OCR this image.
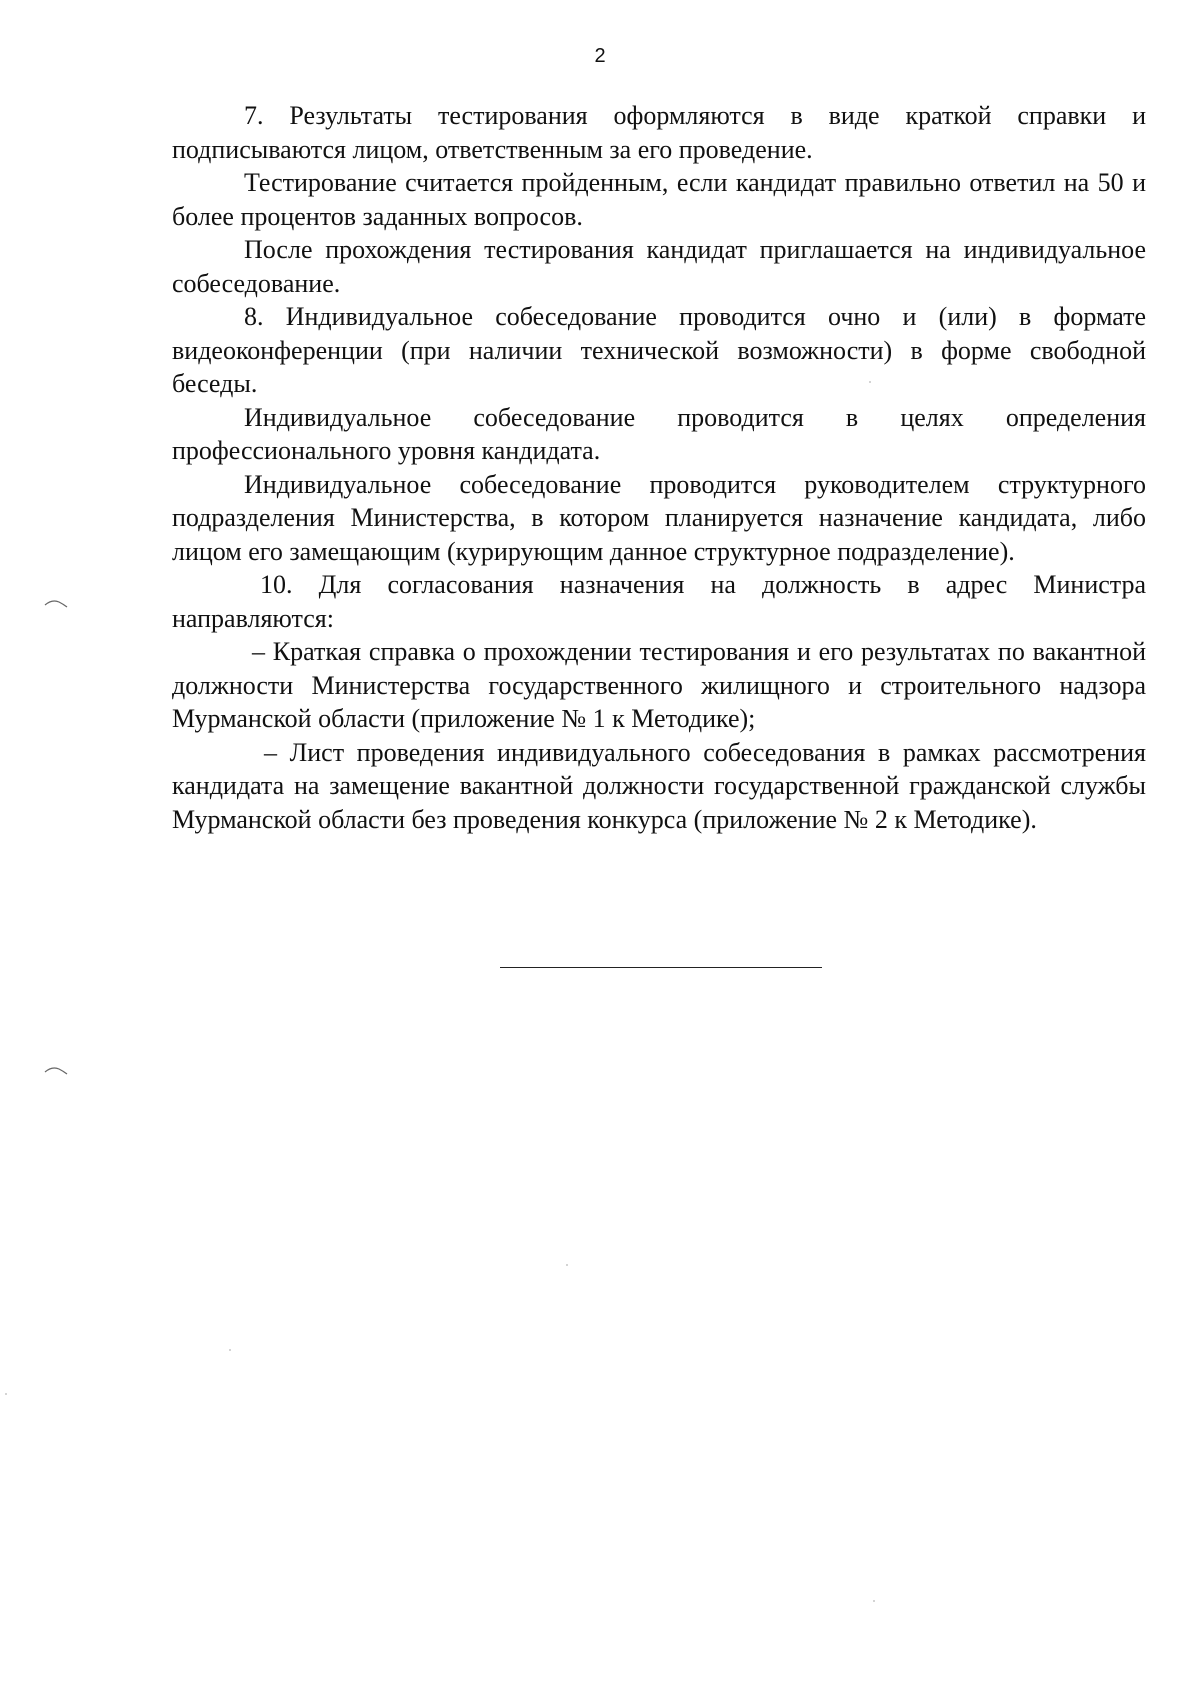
2

7. Результаты тестирования оформляются в виде краткой справки и подписываются лицом, ответственным за его проведение.

Тестирование считается пройденным, если кандидат правильно ответил на 50 и более процентов заданных вопросов.

После прохождения тестирования кандидат приглашается на индивидуальное собеседование.

8. Индивидуальное собеседование проводится очно и (или) в формате видеоконференции (при наличии технической возможности) в форме свободной беседы.

Индивидуальное собеседование проводится в целях определения профессионального уровня кандидата.

Индивидуальное собеседование проводится руководителем структурного подразделения Министерства, в котором планируется назначение кандидата, либо лицом его замещающим (курирующим данное структурное подразделение).

10. Для согласования назначения на должность в адрес Министра направляются:

– Краткая справка о прохождении тестирования и его результатах по вакантной должности Министерства государственного жилищного и строительного надзора Мурманской области (приложение № 1 к Методике);

– Лист проведения индивидуального собеседования в рамках рассмотрения кандидата на замещение вакантной должности государственной гражданской службы Мурманской области без проведения конкурса (приложение № 2 к Методике).
